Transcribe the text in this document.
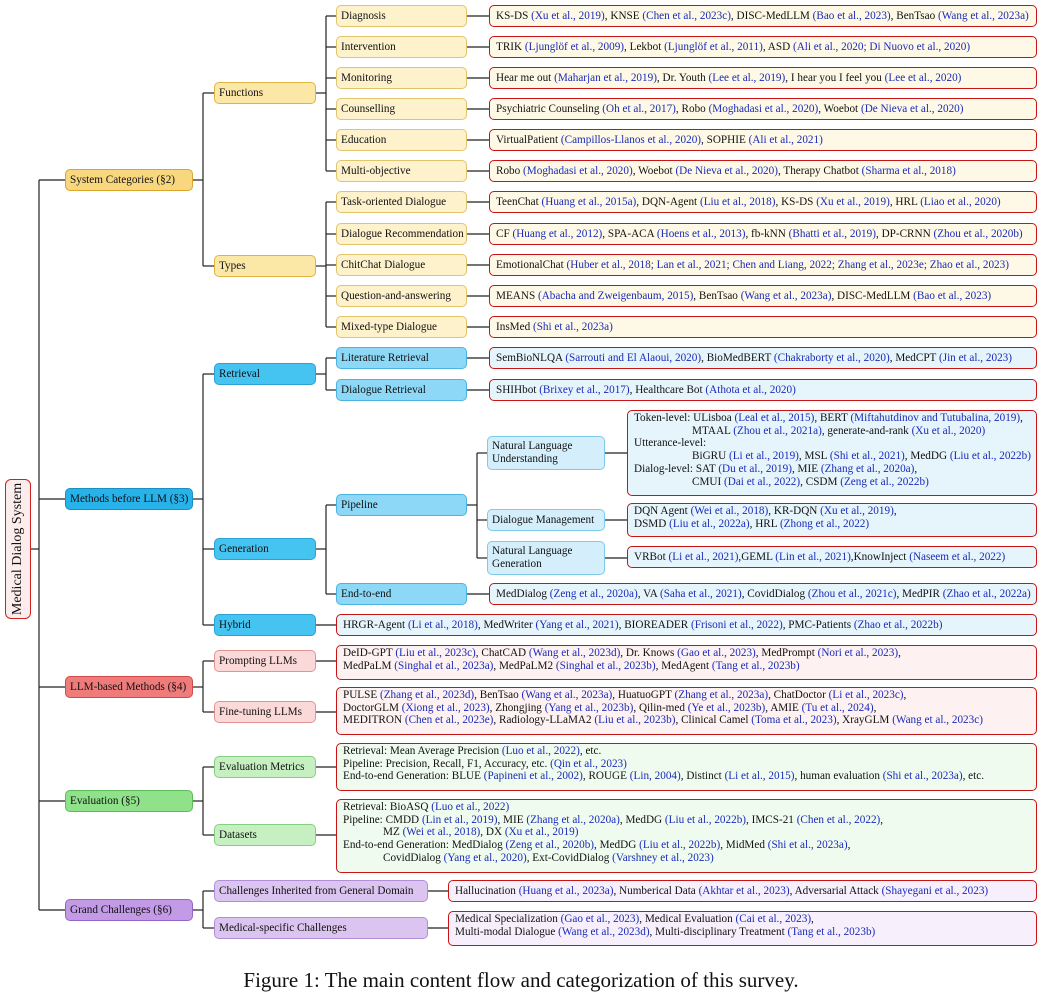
Medical Dialog System
System Categories (§2)
Methods before LLM (§3)
LLM-based Methods (§4)
Evaluation (§5)
Grand Challenges (§6)
Functions
Types
Retrieval
Generation
Hybrid
Prompting LLMs
Fine-tuning LLMs
Evaluation Metrics
Datasets
Challenges Inherited from General Domain
Medical-specific Challenges
Diagnosis
Intervention
Monitoring
Counselling
Education
Multi-objective
Task-oriented Dialogue
Dialogue Recommendation
ChitChat Dialogue
Question-and-answering
Mixed-type Dialogue
Literature Retrieval
Dialogue Retrieval
Pipeline
End-to-end
Natural Language
Understanding
Dialogue Management
Natural Language
Generation
KS-DS (Xu et al., 2019), KNSE (Chen et al., 2023c), DISC-MedLLM (Bao et al., 2023), BenTsao (Wang et al., 2023a)
TRIK (Ljunglöf et al., 2009), Lekbot (Ljunglöf et al., 2011), ASD (Ali et al., 2020; Di Nuovo et al., 2020)
Hear me out (Maharjan et al., 2019), Dr. Youth (Lee et al., 2019), I hear you I feel you (Lee et al., 2020)
Psychiatric Counseling (Oh et al., 2017), Robo (Moghadasi et al., 2020), Woebot (De Nieva et al., 2020)
VirtualPatient (Campillos-Llanos et al., 2020), SOPHIE (Ali et al., 2021)
Robo (Moghadasi et al., 2020), Woebot (De Nieva et al., 2020), Therapy Chatbot (Sharma et al., 2018)
TeenChat (Huang et al., 2015a), DQN-Agent (Liu et al., 2018), KS-DS (Xu et al., 2019), HRL (Liao et al., 2020)
CF (Huang et al., 2012), SPA-ACA (Hoens et al., 2013), fb-kNN (Bhatti et al., 2019), DP-CRNN (Zhou et al., 2020b)
EmotionalChat (Huber et al., 2018; Lan et al., 2021; Chen and Liang, 2022; Zhang et al., 2023e; Zhao et al., 2023)
MEANS (Abacha and Zweigenbaum, 2015), BenTsao (Wang et al., 2023a), DISC-MedLLM (Bao et al., 2023)
InsMed (Shi et al., 2023a)
SemBioNLQA (Sarrouti and El Alaoui, 2020), BioMedBERT (Chakraborty et al., 2020), MedCPT (Jin et al., 2023)
SHIHbot (Brixey et al., 2017), Healthcare Bot (Athota et al., 2020)
Token-level: ULisboa (Leal et al., 2015), BERT (Miftahutdinov and Tutubalina, 2019),
MTAAL (Zhou et al., 2021a), generate-and-rank (Xu et al., 2020)
Utterance-level:
BiGRU (Li et al., 2019), MSL (Shi et al., 2021), MedDG (Liu et al., 2022b)
Dialog-level: SAT (Du et al., 2019), MIE (Zhang et al., 2020a),
CMUI (Dai et al., 2022), CSDM (Zeng et al., 2022b)
DQN Agent (Wei et al., 2018), KR-DQN (Xu et al., 2019),
DSMD (Liu et al., 2022a), HRL (Zhong et al., 2022)
VRBot (Li et al., 2021),GEML (Lin et al., 2021),KnowInject (Naseem et al., 2022)
MedDialog (Zeng et al., 2020a), VA (Saha et al., 2021), CovidDialog (Zhou et al., 2021c), MedPIR (Zhao et al., 2022a)
HRGR-Agent (Li et al., 2018), MedWriter (Yang et al., 2021), BIOREADER (Frisoni et al., 2022), PMC-Patients (Zhao et al., 2022b)
DeID-GPT (Liu et al., 2023c), ChatCAD (Wang et al., 2023d), Dr. Knows (Gao et al., 2023), MedPrompt (Nori et al., 2023),
MedPaLM (Singhal et al., 2023a), MedPaLM2 (Singhal et al., 2023b), MedAgent (Tang et al., 2023b)
PULSE (Zhang et al., 2023d), BenTsao (Wang et al., 2023a), HuatuoGPT (Zhang et al., 2023a), ChatDoctor (Li et al., 2023c),
DoctorGLM (Xiong et al., 2023), Zhongjing (Yang et al., 2023b), Qilin-med (Ye et al., 2023b), AMIE (Tu et al., 2024),
MEDITRON (Chen et al., 2023e), Radiology-LLaMA2 (Liu et al., 2023b), Clinical Camel (Toma et al., 2023), XrayGLM (Wang et al., 2023c)
Retrieval: Mean Average Precision (Luo et al., 2022), etc.
Pipeline: Precision, Recall, F1, Accuracy, etc. (Qin et al., 2023)
End-to-end Generation: BLUE (Papineni et al., 2002), ROUGE (Lin, 2004), Distinct (Li et al., 2015), human evaluation (Shi et al., 2023a), etc.
Retrieval: BioASQ (Luo et al., 2022)
Pipeline: CMDD (Lin et al., 2019), MIE (Zhang et al., 2020a), MedDG (Liu et al., 2022b), IMCS-21 (Chen et al., 2022),
MZ (Wei et al., 2018), DX (Xu et al., 2019)
End-to-end Generation: MedDialog (Zeng et al., 2020b), MedDG (Liu et al., 2022b), MidMed (Shi et al., 2023a),
CovidDialog (Yang et al., 2020), Ext-CovidDialog (Varshney et al., 2023)
Hallucination (Huang et al., 2023a), Numberical Data (Akhtar et al., 2023), Adversarial Attack (Shayegani et al., 2023)
Medical Specialization (Gao et al., 2023), Medical Evaluation (Cai et al., 2023),
Multi-modal Dialogue (Wang et al., 2023d), Multi-disciplinary Treatment (Tang et al., 2023b)
Figure 1: The main content flow and categorization of this survey.
